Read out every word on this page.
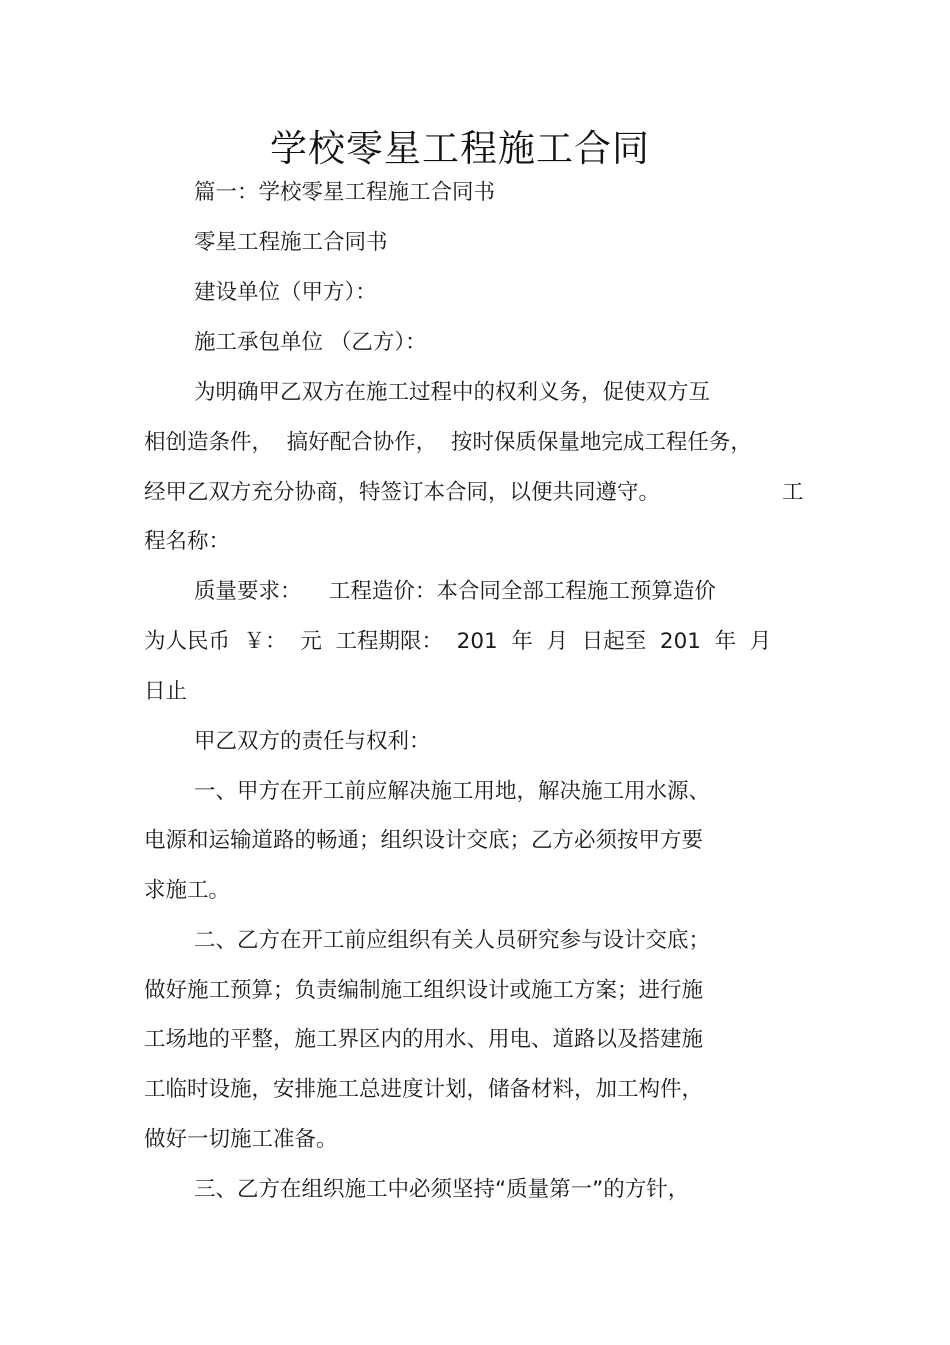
学校零星工程施工合同
篇一：学校零星工程施工合同书
零星工程施工合同书
建设单位（甲方）：
施工承包单位 （乙方）：
为明确甲乙双方在施工过程中的权利义务，促使双方互
相创造条件，  搞好配合协作，  按时保质保量地完成工程任务，
经甲乙双方充分协商，特签订本合同，以便共同遵守。	工
程名称：
质量要求：    工程造价：本合同全部工程施工预算造价
为人民币  ￥：  元  工程期限：  201  年  月  日起至  201  年  月
日止
甲乙双方的责任与权利：
一、甲方在开工前应解决施工用地，解决施工用水源、
电源和运输道路的畅通；组织设计交底；乙方必须按甲方要
求施工。
二、乙方在开工前应组织有关人员研究参与设计交底；
做好施工预算；负责编制施工组织设计或施工方案；进行施
工场地的平整，施工界区内的用水、用电、道路以及搭建施
工临时设施，安排施工总进度计划，储备材料，加工构件，
做好一切施工准备。
三、乙方在组织施工中必须坚持“质量第一”的方针，
